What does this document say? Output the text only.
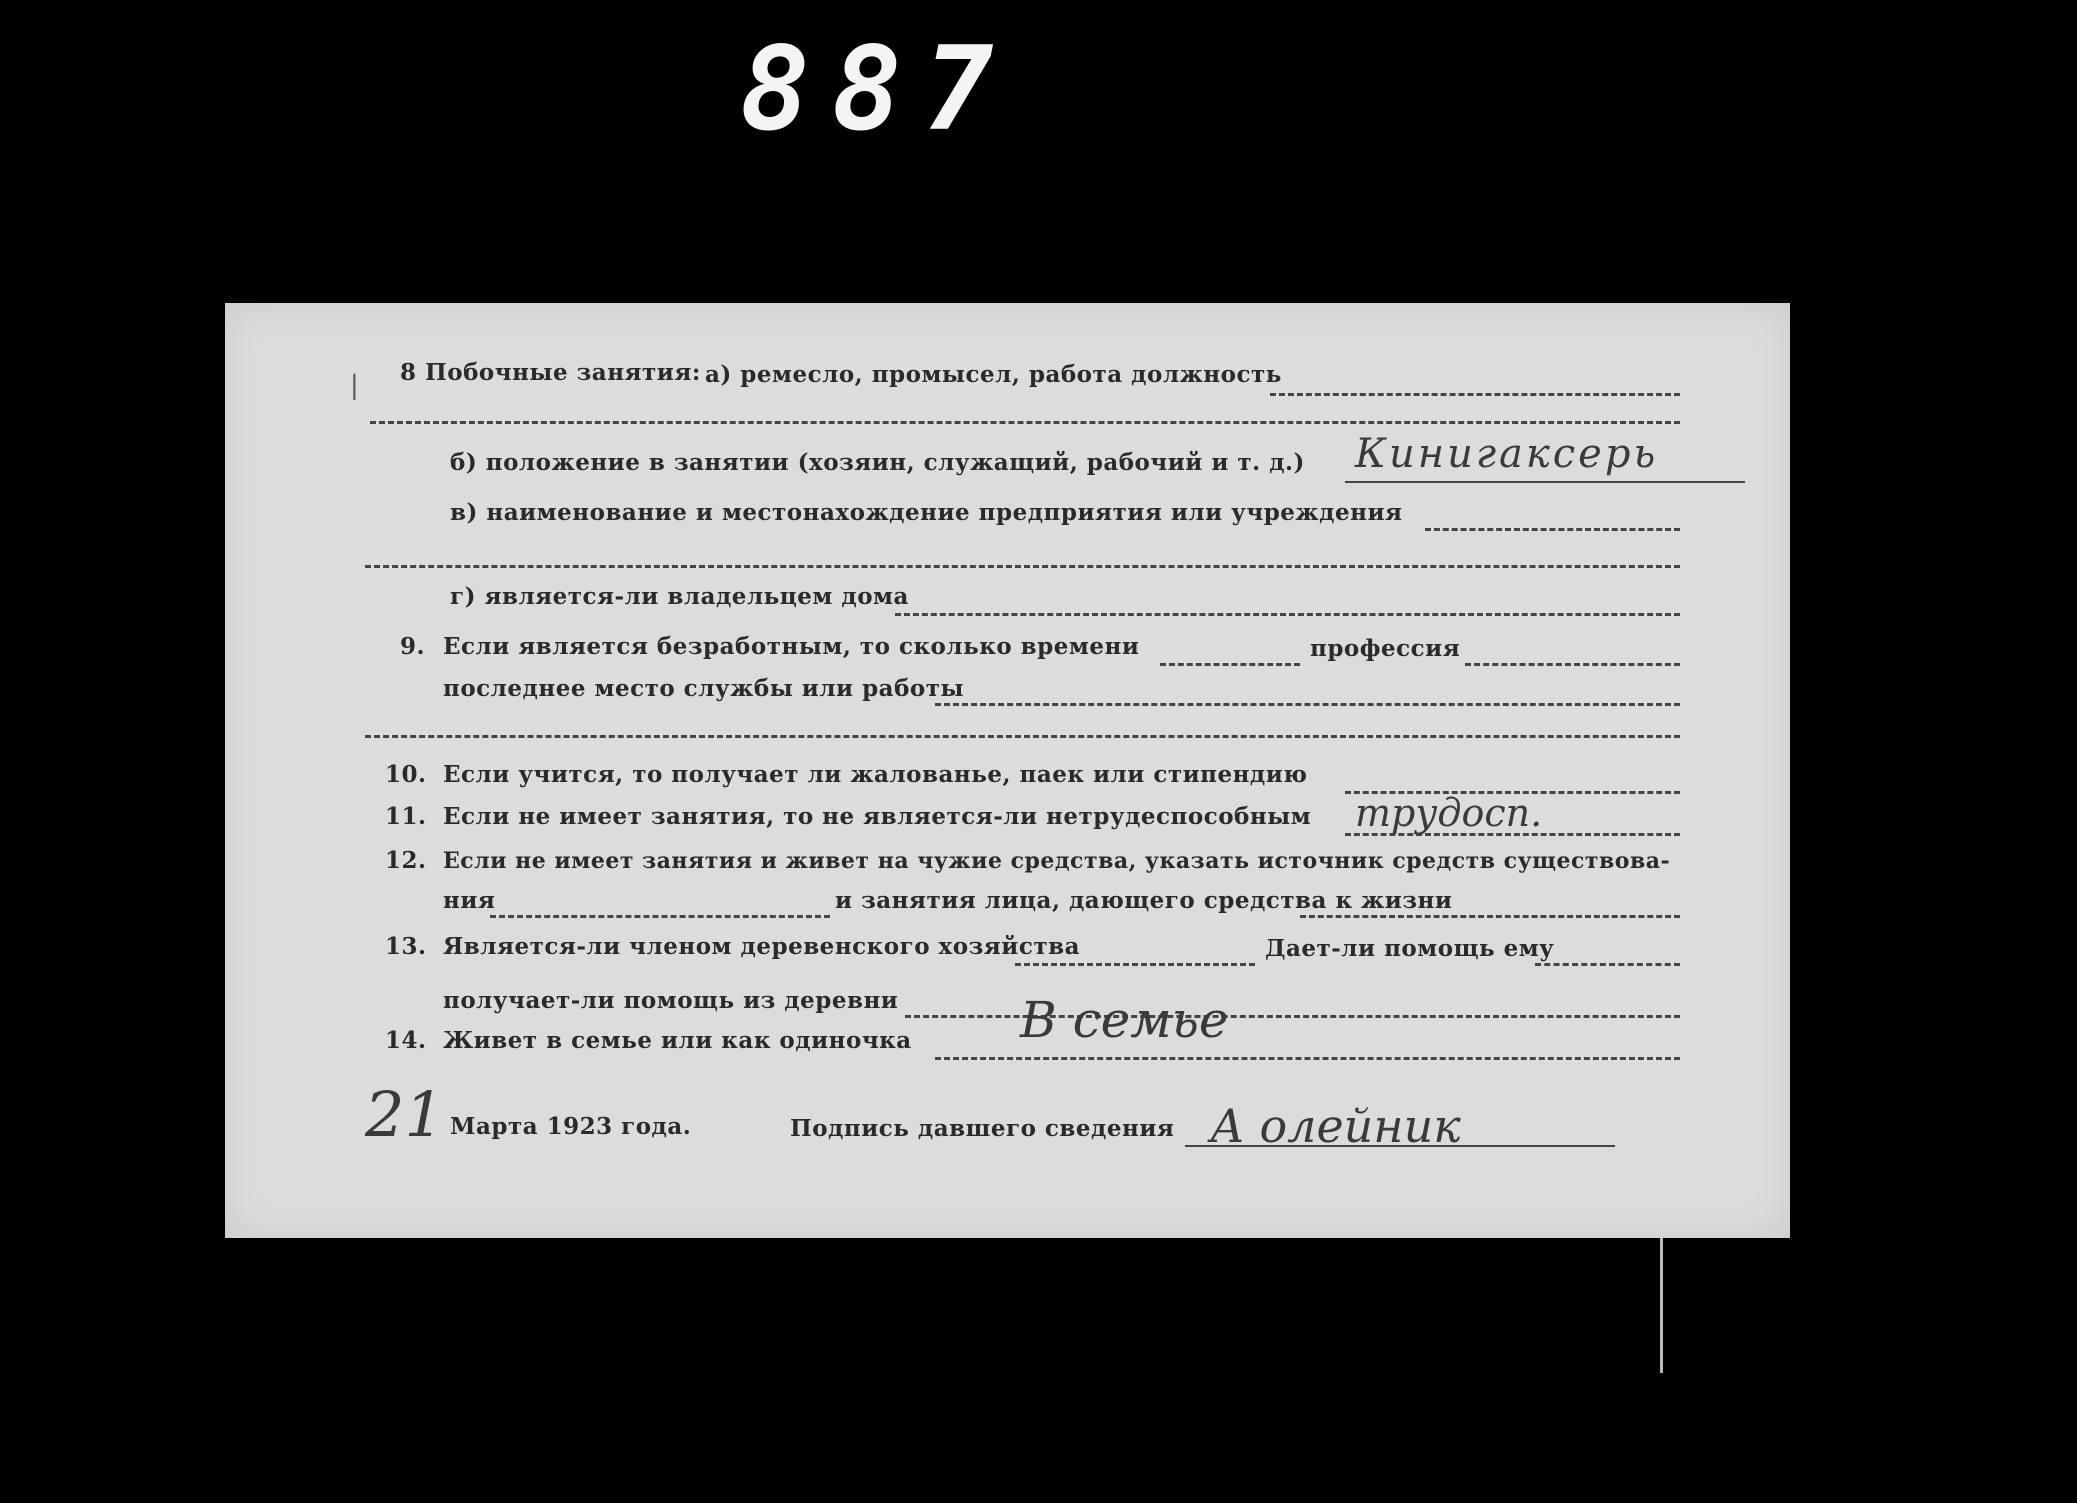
887
| 8 Побочные занятия: а) ремесло, промысел, работа должность
б) положение в занятии (хозяин, служащий, рабочий и т. д.) Кинигаксерь
в) наименование и местонахождение предприятия или учреждения
г) является-ли владельцем дома
9. Если является безработным, то сколько времени	профессия
последнее место службы или работы
10. Если учится, то получает ли жалованье, паек или стипендию
11. Если не имеет занятия, то не является-ли нетрудеспособным трудосп.
12. Если не имеет занятия и живет на чужие средства, указать источник средств существова-
ния	и занятия лица, дающего средства к жизни
13. Является-ли членом деревенского хозяйства	Дает-ли помощь ему
получает-ли помощь из деревни
14. Живет в семье или как одиночка В семье
21 Марта 1923 года.	Подпись давшего сведения А олейник
